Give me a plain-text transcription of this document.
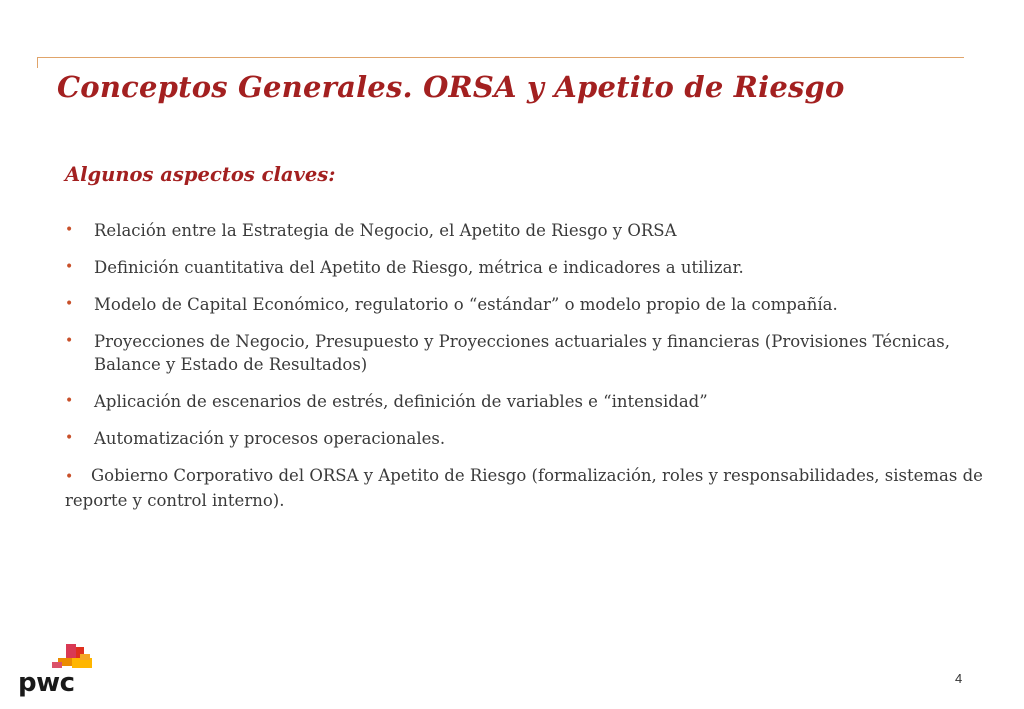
Conceptos Generales. ORSA y Apetito de Riesgo
Algunos aspectos claves:
• Relación entre la Estrategia de Negocio, el Apetito de Riesgo y ORSA
• Definición cuantitativa del Apetito de Riesgo, métrica e indicadores a utilizar.
• Modelo de Capital Económico, regulatorio o “estándar” o modelo propio de la compañía.
• Proyecciones de Negocio, Presupuesto y Proyecciones actuariales y financieras (Provisiones Técnicas, Balance y Estado de Resultados)
• Aplicación de escenarios de estrés, definición de variables e “intensidad”
• Automatización y procesos operacionales.
• Gobierno Corporativo del ORSA y Apetito de Riesgo (formalización, roles y responsabilidades, sistemas de reporte y control interno).
pwc	4
